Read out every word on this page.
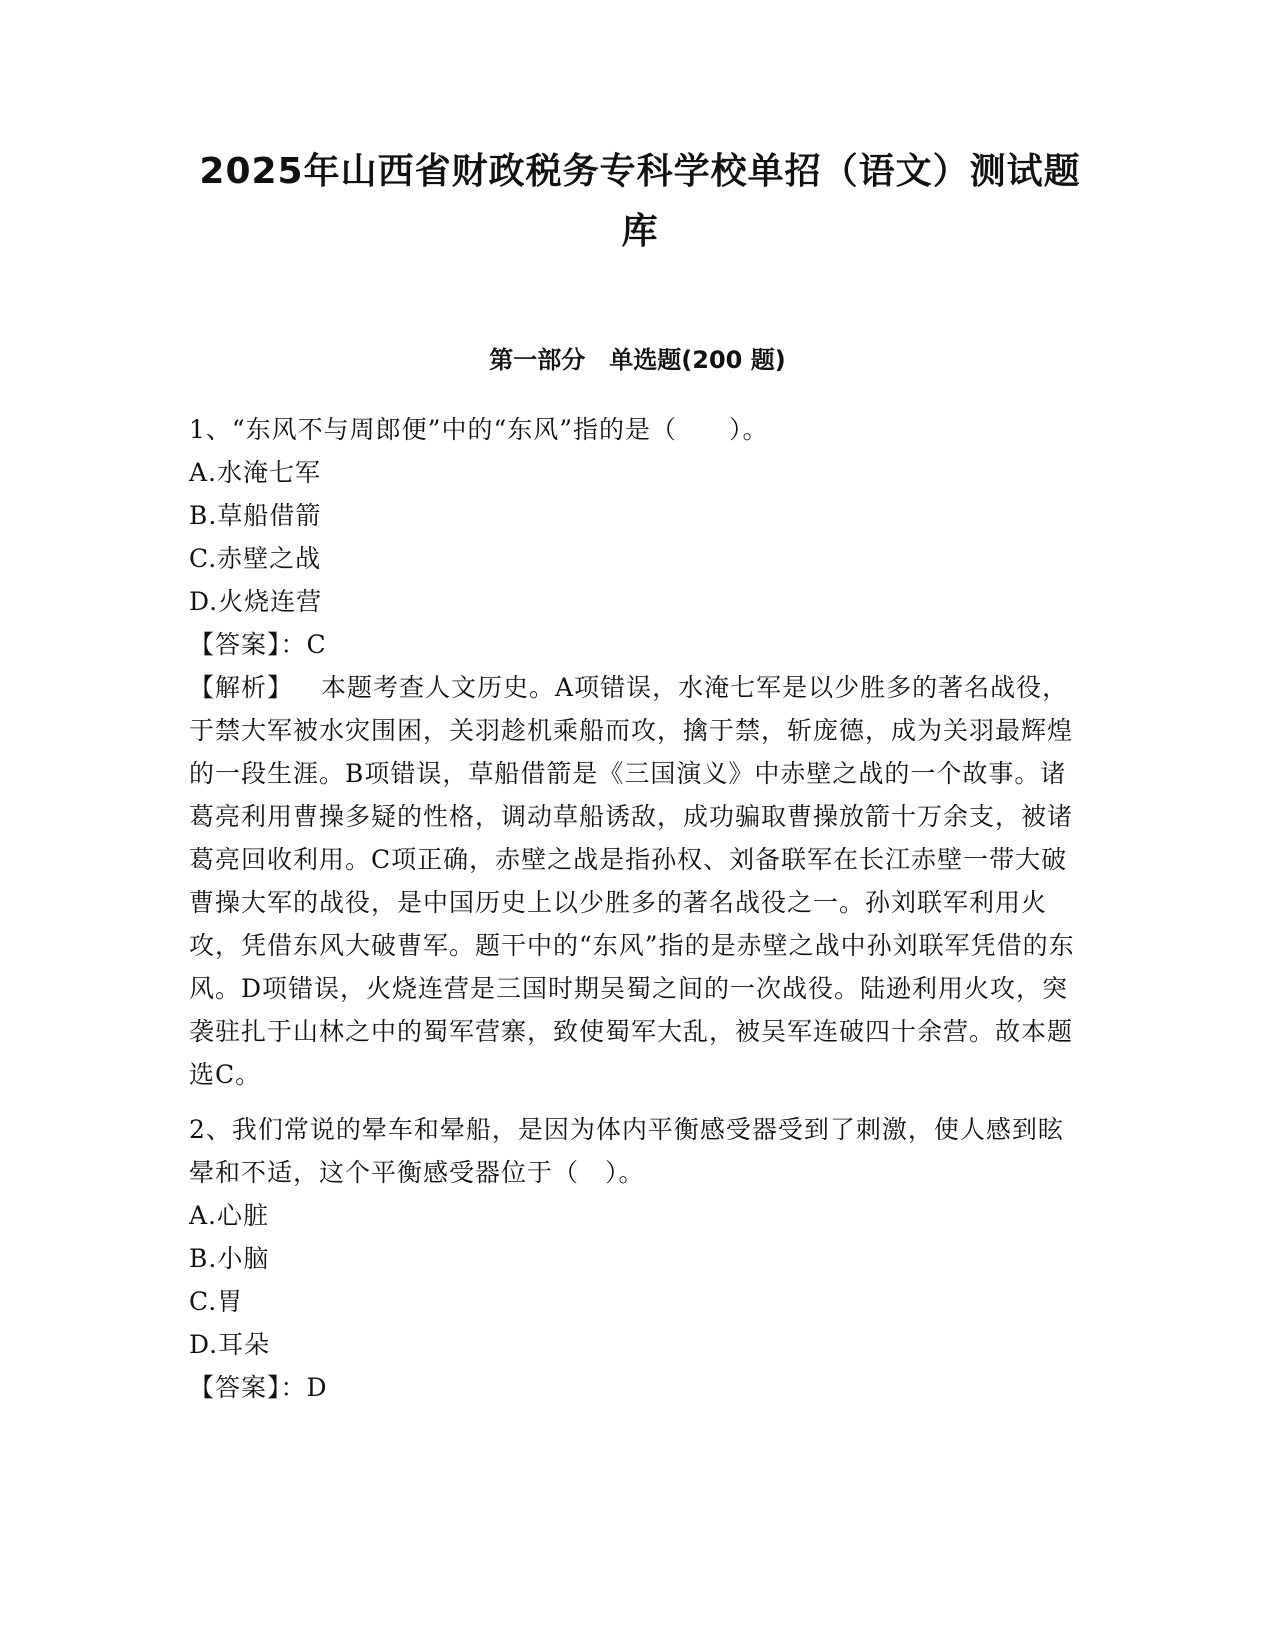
2025年山西省财政税务专科学校单招（语文）测试题库
第一部分　单选题(200 题)

1、“东风不与周郎便”中的“东风”指的是（　　）。

A.水淹七军

B.草船借箭

C.赤壁之战

D.火烧连营

【答案】：C

【解析】 本题考查人文历史。A项错误，水淹七军是以少胜多的著名战役，于禁大军被水灾围困，关羽趁机乘船而攻，擒于禁，斩庞德，成为关羽最辉煌的一段生涯。B项错误，草船借箭是《三国演义》中赤壁之战的一个故事。诸葛亮利用曹操多疑的性格，调动草船诱敌，成功骗取曹操放箭十万余支，被诸葛亮回收利用。C项正确，赤壁之战是指孙权、刘备联军在长江赤壁一带大破曹操大军的战役，是中国历史上以少胜多的著名战役之一。孙刘联军利用火攻，凭借东风大破曹军。题干中的“东风”指的是赤壁之战中孙刘联军凭借的东风。D项错误，火烧连营是三国时期吴蜀之间的一次战役。陆逊利用火攻，突袭驻扎于山林之中的蜀军营寨，致使蜀军大乱，被吴军连破四十余营。故本题选C。

2、我们常说的晕车和晕船，是因为体内平衡感受器受到了刺激，使人感到眩晕和不适，这个平衡感受器位于（　）。

A.心脏

B.小脑

C.胃

D.耳朵

【答案】：D
